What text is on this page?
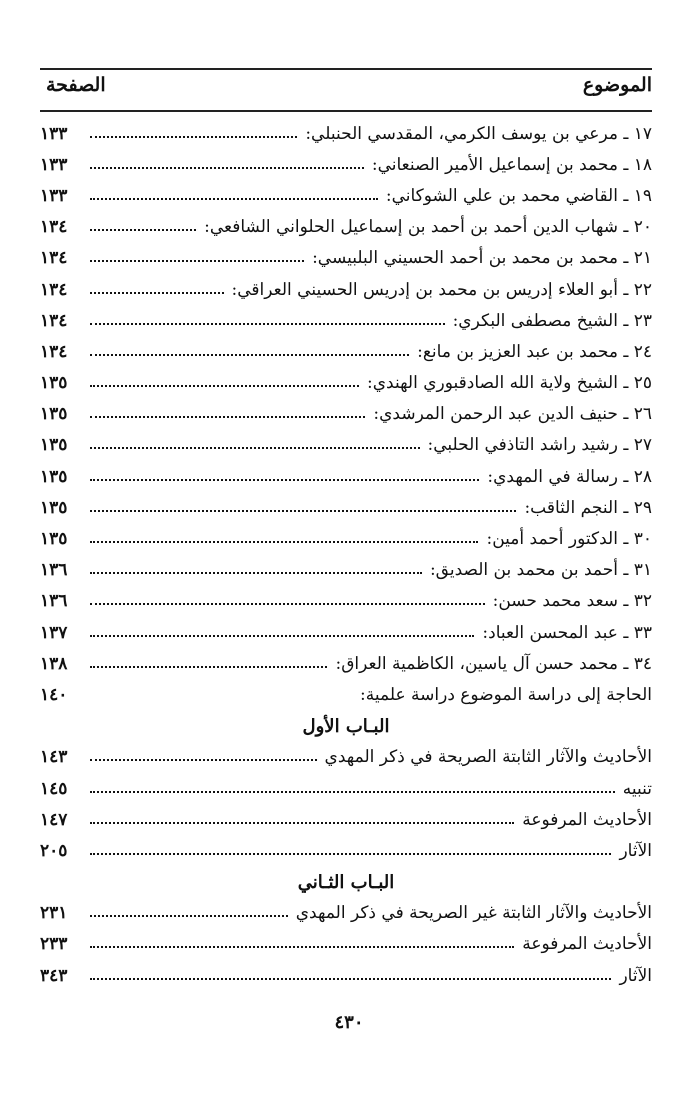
الموضوع
الصفحة
١٧ ـ مرعي بن يوسف الكرمي، المقدسي الحنبلي:
١٣٣
١٨ ـ محمد بن إسماعيل الأمير الصنعاني:
١٣٣
١٩ ـ القاضي محمد بن علي الشوكاني:
١٣٣
٢٠ ـ شهاب الدين أحمد بن أحمد بن إسماعيل الحلواني الشافعي:
١٣٤
٢١ ـ محمد بن محمد بن أحمد الحسيني البلبيسي:
١٣٤
٢٢ ـ أبو العلاء إدريس بن محمد بن إدريس الحسيني العراقي:
١٣٤
٢٣ ـ الشيخ مصطفى البكري:
١٣٤
٢٤ ـ محمد بن عبد العزيز بن مانع:
١٣٤
٢٥ ـ الشيخ ولاية الله الصادقبوري الهندي:
١٣٥
٢٦ ـ حنيف الدين عبد الرحمن المرشدي:
١٣٥
٢٧ ـ رشيد راشد التاذفي الحلبي:
١٣٥
٢٨ ـ رسالة في المهدي:
١٣٥
٢٩ ـ النجم الثاقب:
١٣٥
٣٠ ـ الدكتور أحمد أمين:
١٣٥
٣١ ـ أحمد بن محمد بن الصديق:
١٣٦
٣٢ ـ سعد محمد حسن:
١٣٦
٣٣ ـ عبد المحسن العباد:
١٣٧
٣٤ ـ محمد حسن آل ياسين، الكاظمية العراق:
١٣٨
الحاجة إلى دراسة الموضوع دراسة علمية:
١٤٠
البـاب الأول
الأحاديث والآثار الثابتة الصريحة في ذكر المهدي
١٤٣
تنبيه
١٤٥
الأحاديث المرفوعة
١٤٧
الآثار
٢٠٥
البـاب الثـاني
الأحاديث والآثار الثابتة غير الصريحة في ذكر المهدي
٢٣١
الأحاديث المرفوعة
٢٣٣
الآثار
٣٤٣
٤٣٠
